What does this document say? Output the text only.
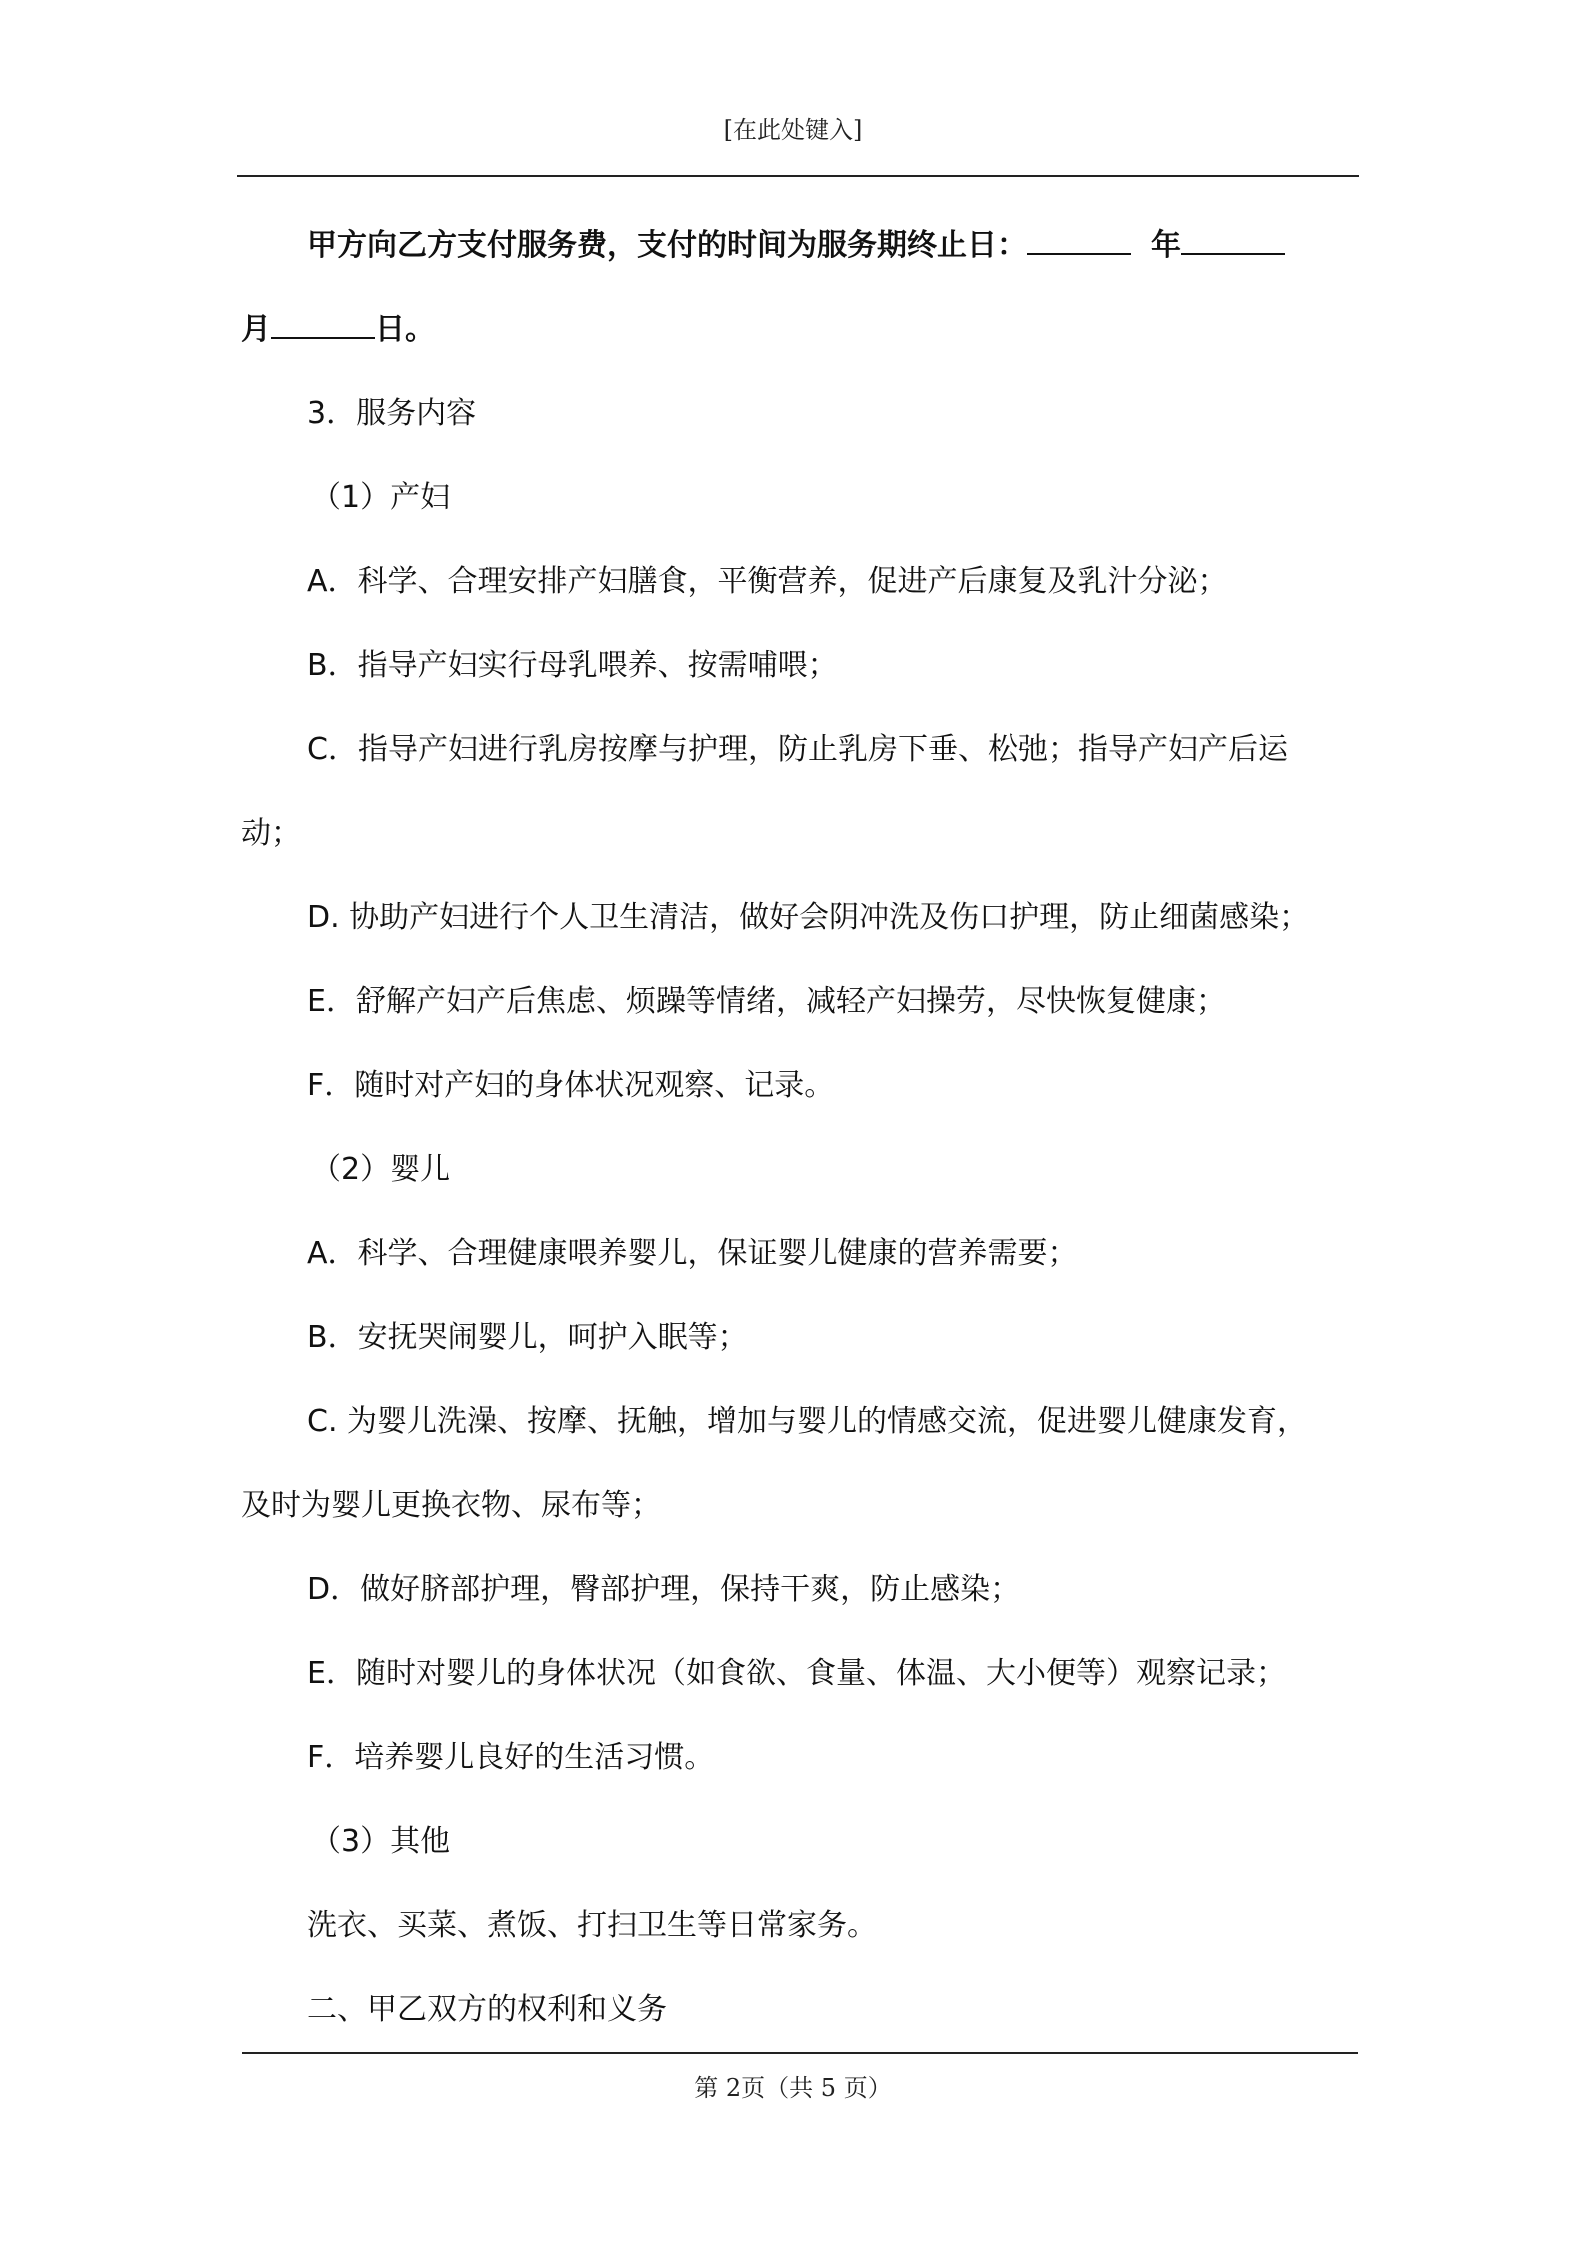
[在此处键入]

甲方向乙方支付服务费，支付的时间为服务期终止日：	年

月	日。

3．服务内容

（1）产妇

A．科学、合理安排产妇膳食，平衡营养，促进产后康复及乳汁分泌；

B．指导产妇实行母乳喂养、按需哺喂；

C．指导产妇进行乳房按摩与护理，防止乳房下垂、松弛；指导产妇产后运

动；

D. 协助产妇进行个人卫生清洁，做好会阴冲洗及伤口护理，防止细菌感染；

E．舒解产妇产后焦虑、烦躁等情绪，减轻产妇操劳，尽快恢复健康；

F．随时对产妇的身体状况观察、记录。

（2）婴儿

A．科学、合理健康喂养婴儿，保证婴儿健康的营养需要；

B．安抚哭闹婴儿，呵护入眠等；

C. 为婴儿洗澡、按摩、抚触，增加与婴儿的情感交流，促进婴儿健康发育，

及时为婴儿更换衣物、尿布等；

D．做好脐部护理，臀部护理，保持干爽，防止感染；

E．随时对婴儿的身体状况（如食欲、食量、体温、大小便等）观察记录；

F．培养婴儿良好的生活习惯。

（3）其他

洗衣、买菜、煮饭、打扫卫生等日常家务。

二、甲乙双方的权利和义务

第 2页（共 5 页）
